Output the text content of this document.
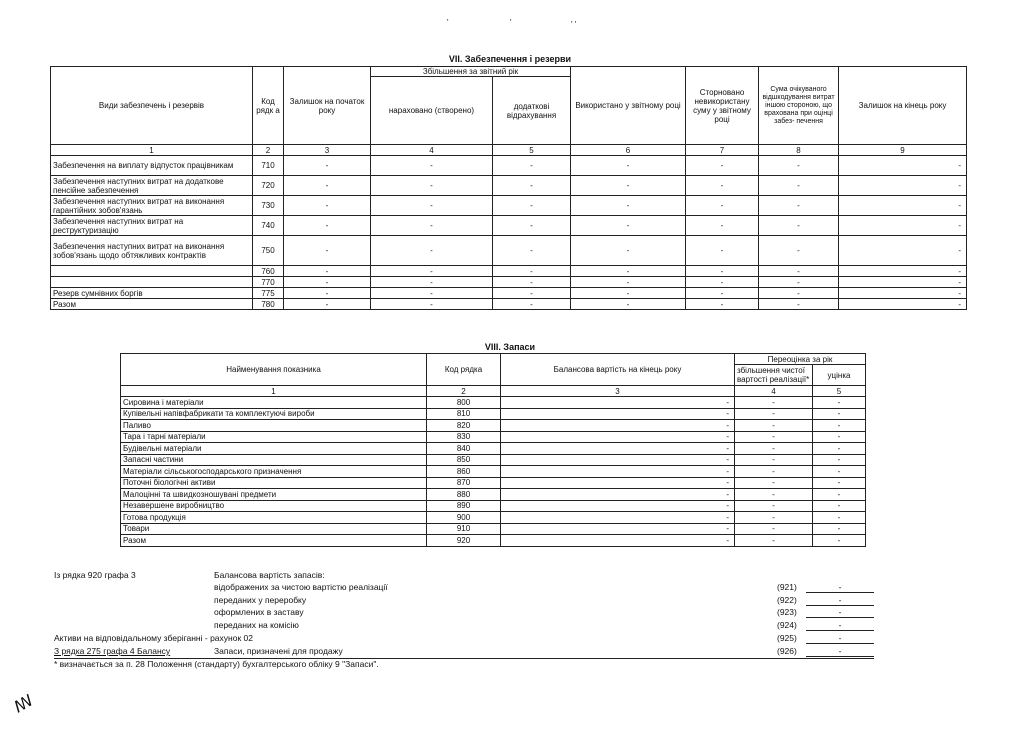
'	'	' '
VII. Забезпечення і резерви
Види забезпечень і резервів	Код рядк а	Залишок на початок року	Збільшення за звітний рік		Використано у звітному році	Сторновано невикористану суму у звітному році	Сума очікуваного відшкодування витрат іншою стороною, що врахована при оцінці забез- печення	Залишок на кінець року
			нараховано (створено)	додаткові відрахування				
1	2	3	4	5	6	7	8	9
Забезпечення на виплату відпусток працівникам	710	-	-	-	-	-	-	-
Забезпечення наступних витрат на додаткове пенсійне забезпечення	720	-	-	-	-	-	-	-
Забезпечення наступних витрат на виконання гарантійних зобов'язань	730	-	-	-	-	-	-	-
Забезпечення наступних витрат на реструктуризацію	740	-	-	-	-	-	-	-
Забезпечення наступних витрат на виконання зобов'язань щодо обтяжливих контрактів	750	-	-	-	-	-	-	-
	760	-	-	-	-	-	-	-
	770	-	-	-	-	-	-	-
Резерв сумнівних боргів	775	-	-	-	-	-	-	-
Разом	780	-	-	-	-	-	-	-
VIII. Запаси
Найменування показника	Код рядка	Балансова вартість на кінець року	Переоцінка за рік	
			збільшення чистої вартості реалізації*	уцінка
1	2	3	4	5
Сировина і матеріали	800	-	-	-
Купівельні напівфабрикати та комплектуючі вироби	810	-	-	-
Паливо	820	-	-	-
Тара і тарні матеріали	830	-	-	-
Будівельні матеріали	840	-	-	-
Запасні частини	850	-	-	-
Матеріали сільськогосподарського призначення	860	-	-	-
Поточні біологічні активи	870	-	-	-
Малоцінні та швидкозношувані предмети	880	-	-	-
Незавершене виробництво	890	-	-	-
Готова продукція	900	-	-	-
Товари	910	-	-	-
Разом	920	-	-	-
Із рядка 920 графа 3	Балансова вартість запасів:
відображених за чистою вартістю реалізації	(921)	-
переданих у переробку	(922)	-
оформлених в заставу	(923)	-
переданих на комісію	(924)	-
Активи на відповідальному зберіганні - рахунок 02	(925)	-
З рядка 275 графа 4 Балансу	Запаси, призначені для продажу	(926)	-
* визначається за п. 28 Положення (стандарту) бухгалтерського обліку 9 "Запаси".
ꟿ
